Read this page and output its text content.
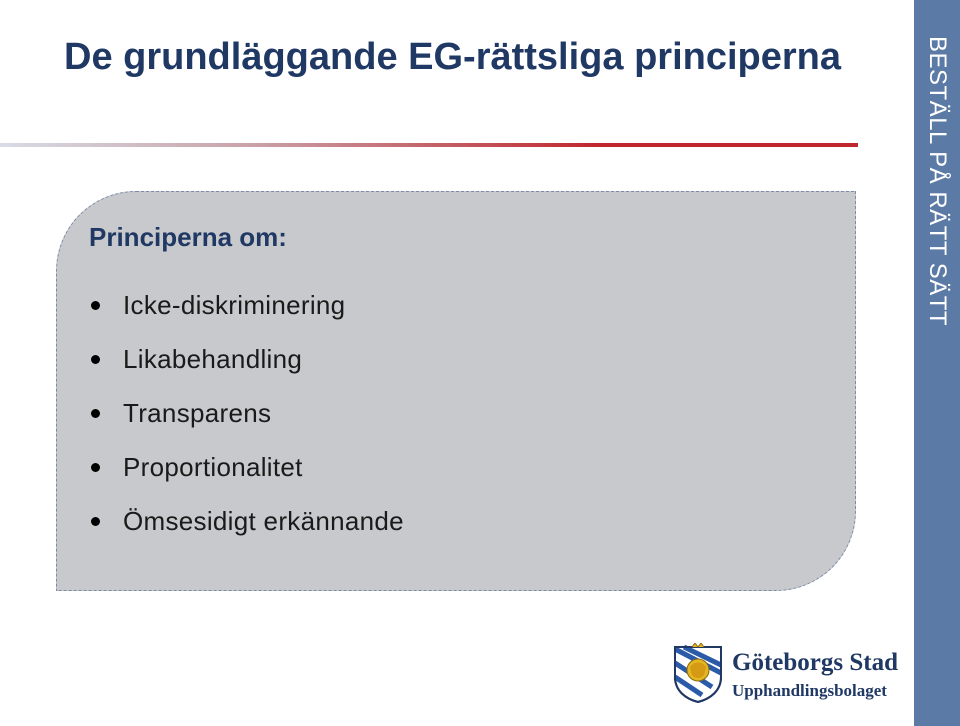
De grundläggande EG-rättsliga principerna
Principerna om:
Icke-diskriminering
Likabehandling
Transparens
Proportionalitet
Ömsesidigt erkännande
BESTÄLL PÅ RÄTT SÄTT
Göteborgs Stad
Upphandlingsbolaget
